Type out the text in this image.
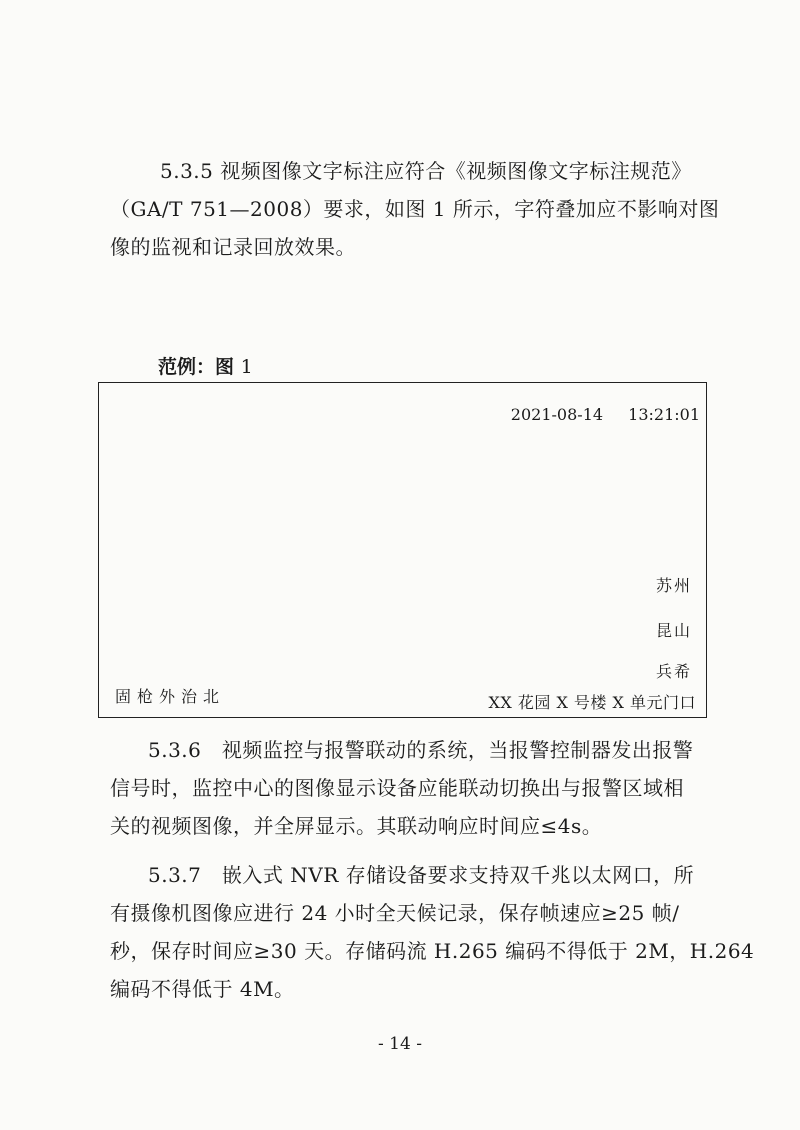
5.3.5 视频图像文字标注应符合《视频图像文字标注规范》
（GA/T 751—2008）要求，如图 1 所示，字符叠加应不影响对图
像的监视和记录回放效果。
范例：图 1
2021-08-14 13:21:01
苏州
昆山
兵希
固枪外治北	XX 花园 X 号楼 X 单元门口
5.3.6　视频监控与报警联动的系统，当报警控制器发出报警
信号时，监控中心的图像显示设备应能联动切换出与报警区域相
关的视频图像，并全屏显示。其联动响应时间应≤4s。
5.3.7　嵌入式 NVR 存储设备要求支持双千兆以太网口，所
有摄像机图像应进行 24 小时全天候记录，保存帧速应≥25 帧/
秒，保存时间应≥30 天。存储码流 H.265 编码不得低于 2M，H.264
编码不得低于 4M。
- 14 -
